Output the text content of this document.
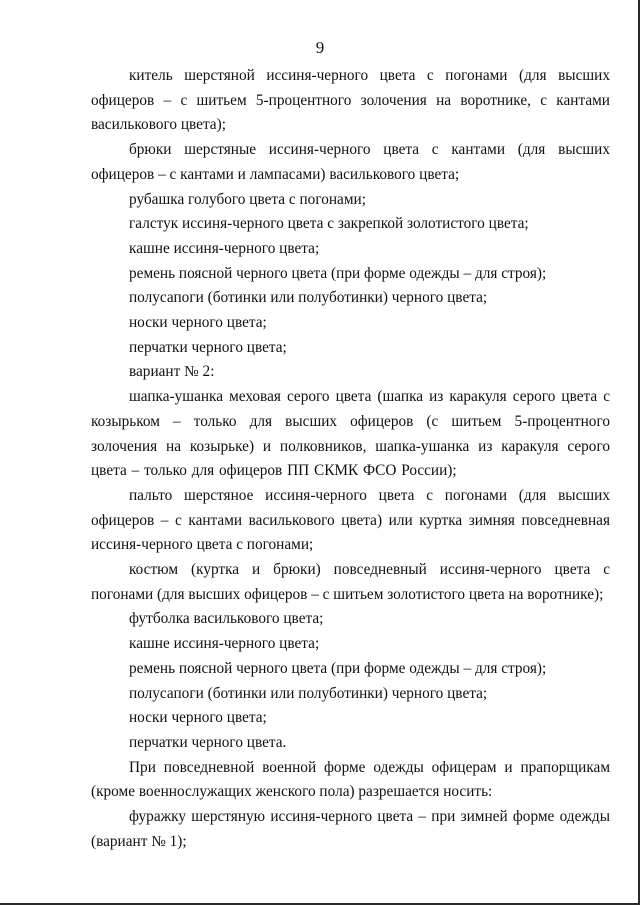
9

китель шерстяной иссиня-черного цвета с погонами (для высших офицеров – с шитьем 5-процентного золочения на воротнике, с кантами василькового цвета);

брюки шерстяные иссиня-черного цвета с кантами (для высших офицеров – с кантами и лампасами) василькового цвета;

рубашка голубого цвета с погонами;

галстук иссиня-черного цвета с закрепкой золотистого цвета;

кашне иссиня-черного цвета;

ремень поясной черного цвета (при форме одежды – для строя);

полусапоги (ботинки или полуботинки) черного цвета;

носки черного цвета;

перчатки черного цвета;

вариант № 2:

шапка-ушанка меховая серого цвета (шапка из каракуля серого цвета с козырьком – только для высших офицеров (с шитьем 5-процентного золочения на козырьке) и полковников, шапка-ушанка из каракуля серого цвета – только для офицеров ПП СКМК ФСО России);

пальто шерстяное иссиня-черного цвета с погонами (для высших офицеров – с кантами василькового цвета) или куртка зимняя повседневная иссиня-черного цвета с погонами;

костюм (куртка и брюки) повседневный иссиня-черного цвета с погонами (для высших офицеров – с шитьем золотистого цвета на воротнике);

футболка василькового цвета;

кашне иссиня-черного цвета;

ремень поясной черного цвета (при форме одежды – для строя);

полусапоги (ботинки или полуботинки) черного цвета;

носки черного цвета;

перчатки черного цвета.

При повседневной военной форме одежды офицерам и прапорщикам (кроме военнослужащих женского пола) разрешается носить:

фуражку шерстяную иссиня-черного цвета – при зимней форме одежды (вариант № 1);
